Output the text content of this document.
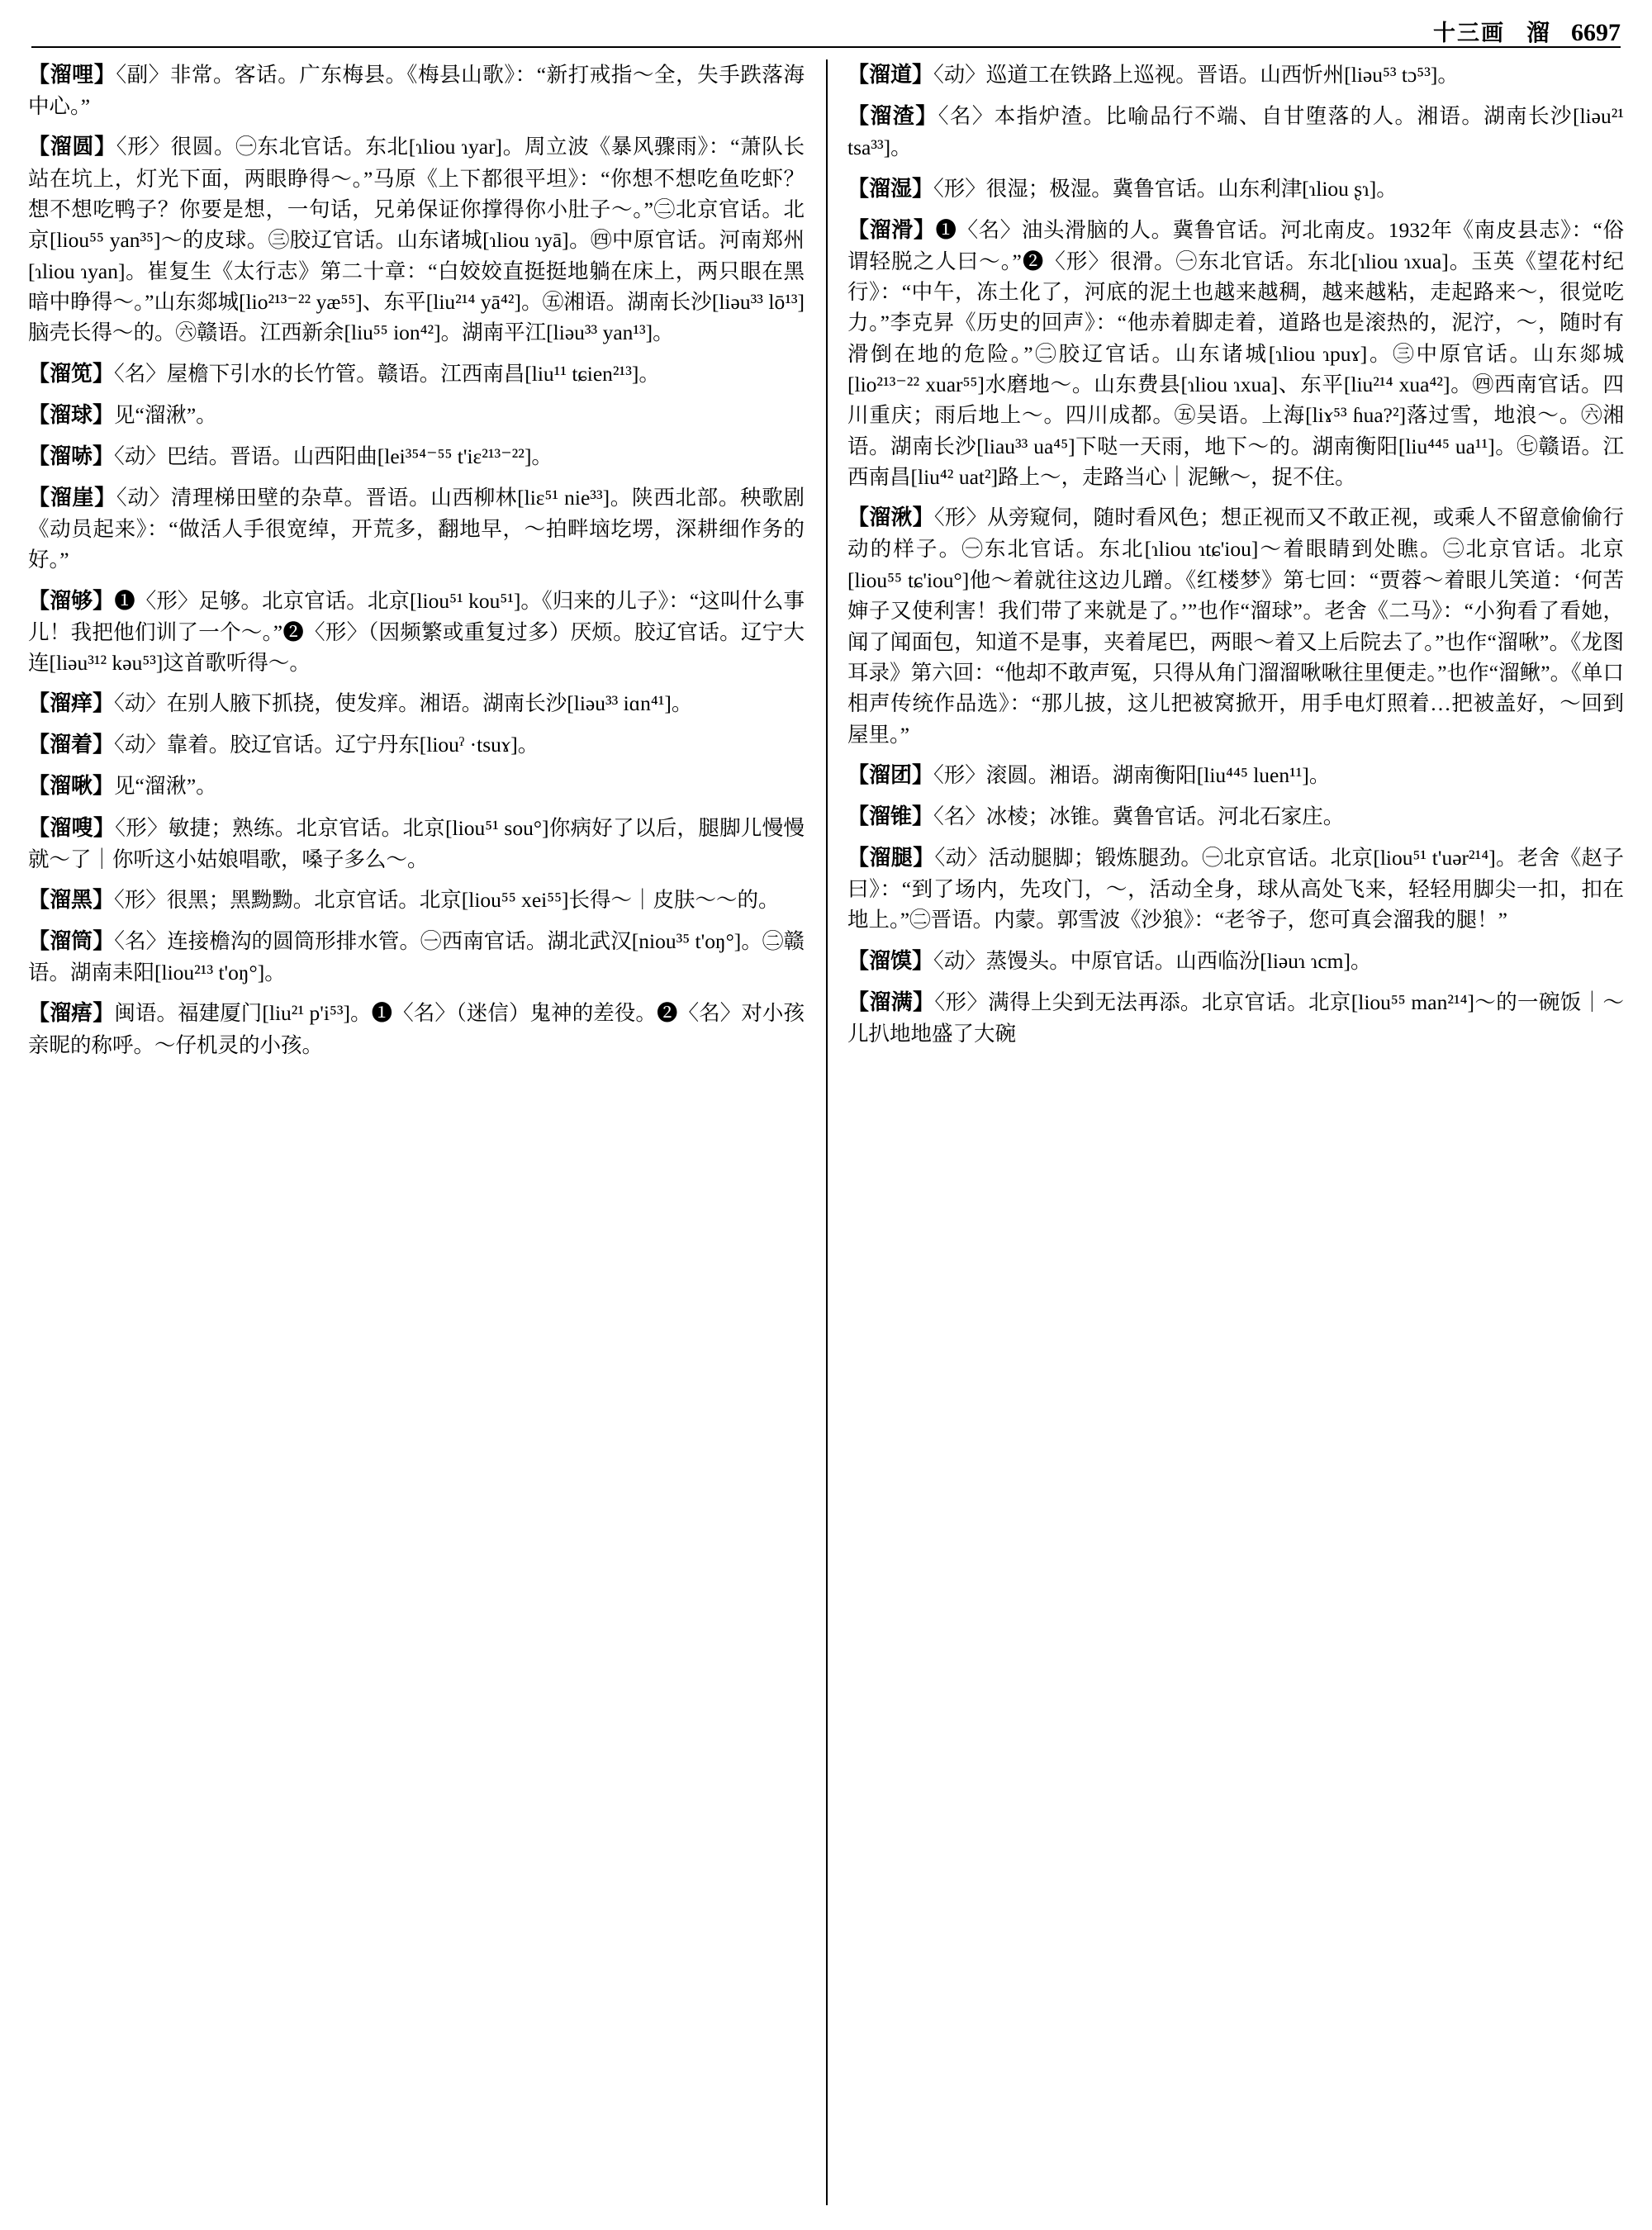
十三画 溜 6697
【溜哩】〈副〉非常。客话。广东梅县。《梅县山歌》：“新打戒指～全，失手跌落海中心。”
【溜圆】〈形〉很圆。㊀东北官话。东北[ɿliou ɿyar]。周立波《暴风骤雨》：“萧队长站在坑上，灯光下面，两眼睁得～。”马原《上下都很平坦》：“你想不想吃鱼吃虾？想不想吃鸭子？你要是想，一句话，兄弟保证你撑得你小肚子～。”㊁北京官话。北京[liou⁵⁵ yan³⁵]～的皮球。㊂胶辽官话。山东诸城[ɿliou ɿyā]。㊃中原官话。河南郑州[ɿliou ɿyan]。崔复生《太行志》第二十章：“白姣姣直挺挺地躺在床上，两只眼在黑暗中睁得～。”山东郯城[lio²¹³⁻²² yæ⁵⁵]、东平[liu²¹⁴ yā⁴²]。㊄湘语。湖南长沙[liəu³³ lō¹³]脑壳长得～的。㊅赣语。江西新余[liu⁵⁵ ion⁴²]。湖南平江[liəu³³ yan¹³]。
【溜笕】〈名〉屋檐下引水的长竹管。赣语。江西南昌[liu¹¹ tɕien²¹³]。
【溜球】见“溜湫”。
【溜哧】〈动〉巴结。晋语。山西阳曲[lei³⁵⁴⁻⁵⁵ t'iɛ²¹³⁻²²]。
【溜崖】〈动〉清理梯田壁的杂草。晋语。山西柳林[liɛ⁵¹ nie³³]。陕西北部。秧歌剧《动员起来》：“做活人手很宽绰，开荒多，翻地早，～拍畔垴圪塄，深耕细作务的好。”
【溜够】❶〈形〉足够。北京官话。北京[liou⁵¹ kou⁵¹]。《归来的儿子》：“这叫什么事儿！我把他们训了一个～。”❷〈形〉（因频繁或重复过多）厌烦。胶辽官话。辽宁大连[liəu³¹² kəu⁵³]这首歌听得～。
【溜痒】〈动〉在别人腋下抓挠，使发痒。湘语。湖南长沙[liəu³³ iɑn⁴¹]。
【溜着】〈动〉靠着。胶辽官话。辽宁丹东[liouˀ ·tsuɤ]。
【溜啾】见“溜湫”。
【溜嗖】〈形〉敏捷；熟练。北京官话。北京[liou⁵¹ sou°]你病好了以后，腿脚儿慢慢就～了｜你听这小姑娘唱歌，嗓子多么～。
【溜黑】〈形〉很黑；黑黝黝。北京官话。北京[liou⁵⁵ xei⁵⁵]长得～｜皮肤～～的。
【溜筒】〈名〉连接檐沟的圆筒形排水管。㊀西南官话。湖北武汉[niou³⁵ t'oŋ°]。㊁赣语。湖南耒阳[liou²¹³ t'oŋ°]。
【溜痦】闽语。福建厦门[liu²¹ p'i⁵³]。❶〈名〉（迷信）鬼神的差役。❷〈名〉对小孩亲昵的称呼。～仔机灵的小孩。
【溜道】〈动〉巡道工在铁路上巡视。晋语。山西忻州[liəu⁵³ tɔ⁵³]。
【溜渣】〈名〉本指炉渣。比喻品行不端、自甘堕落的人。湘语。湖南长沙[liəu²¹ tsa³³]。
【溜湿】〈形〉很湿；极湿。冀鲁官话。山东利津[ɿliou ʂɿ]。
【溜滑】❶〈名〉油头滑脑的人。冀鲁官话。河北南皮。1932年《南皮县志》：“俗谓轻脱之人曰～。”❷〈形〉很滑。㊀东北官话。东北[ɿliou ɿxua]。玉英《望花村纪行》：“中午，冻土化了，河底的泥土也越来越稠，越来越粘，走起路来～，很觉吃力。”李克昇《历史的回声》：“他赤着脚走着，道路也是滚热的，泥泞，～，随时有滑倒在地的危险。”㊁胶辽官话。山东诸城[ɿliou ɿpuɤ]。㊂中原官话。山东郯城[lio²¹³⁻²² xuar⁵⁵]水磨地～。山东费县[ɿliou ɿxua]、东平[liu²¹⁴ xua⁴²]。㊃西南官话。四川重庆；雨后地上～。四川成都。㊄吴语。上海[liɤ⁵³ ɦua?²]落过雪，地浪～。㊅湘语。湖南长沙[liau³³ ua⁴⁵]下哒一天雨，地下～的。湖南衡阳[liu⁴⁴⁵ ua¹¹]。㊆赣语。江西南昌[liu⁴² uat²]路上～，走路当心｜泥鳅～，捉不住。
【溜湫】〈形〉从旁窥伺，随时看风色；想正视而又不敢正视，或乘人不留意偷偷行动的样子。㊀东北官话。东北[ɿliou ɿtɕ'iou]～着眼睛到处瞧。㊁北京官话。北京[liou⁵⁵ tɕ'iou°]他～着就往这边儿蹭。《红楼梦》第七回：“贾蓉～着眼儿笑道：‘何苦婶子又使利害！我们带了来就是了。’”也作“溜球”。老舍《二马》：“小狗看了看她，闻了闻面包，知道不是事，夹着尾巴，两眼～着又上后院去了。”也作“溜啾”。《龙图耳录》第六回：“他却不敢声冤，只得从角门溜溜啾啾往里便走。”也作“溜鳅”。《单口相声传统作品选》：“那儿披，这儿把被窝掀开，用手电灯照着…把被盖好，～回到屋里。”
【溜团】〈形〉滚圆。湘语。湖南衡阳[liu⁴⁴⁵ luen¹¹]。
【溜锥】〈名〉冰棱；冰锥。冀鲁官话。河北石家庄。
【溜腿】〈动〉活动腿脚；锻炼腿劲。㊀北京官话。北京[liou⁵¹ t'uər²¹⁴]。老舍《赵子曰》：“到了场内，先攻门，～，活动全身，球从高处飞来，轻轻用脚尖一扣，扣在地上。”㊁晋语。内蒙。郭雪波《沙狼》：“老爷子，您可真会溜我的腿！”
【溜馍】〈动〉蒸馒头。中原官话。山西临汾[liəuɿ ɿcm]。
【溜满】〈形〉满得上尖到无法再添。北京官话。北京[liou⁵⁵ man²¹⁴]～的一碗饭｜～儿扒地地盛了大碗
